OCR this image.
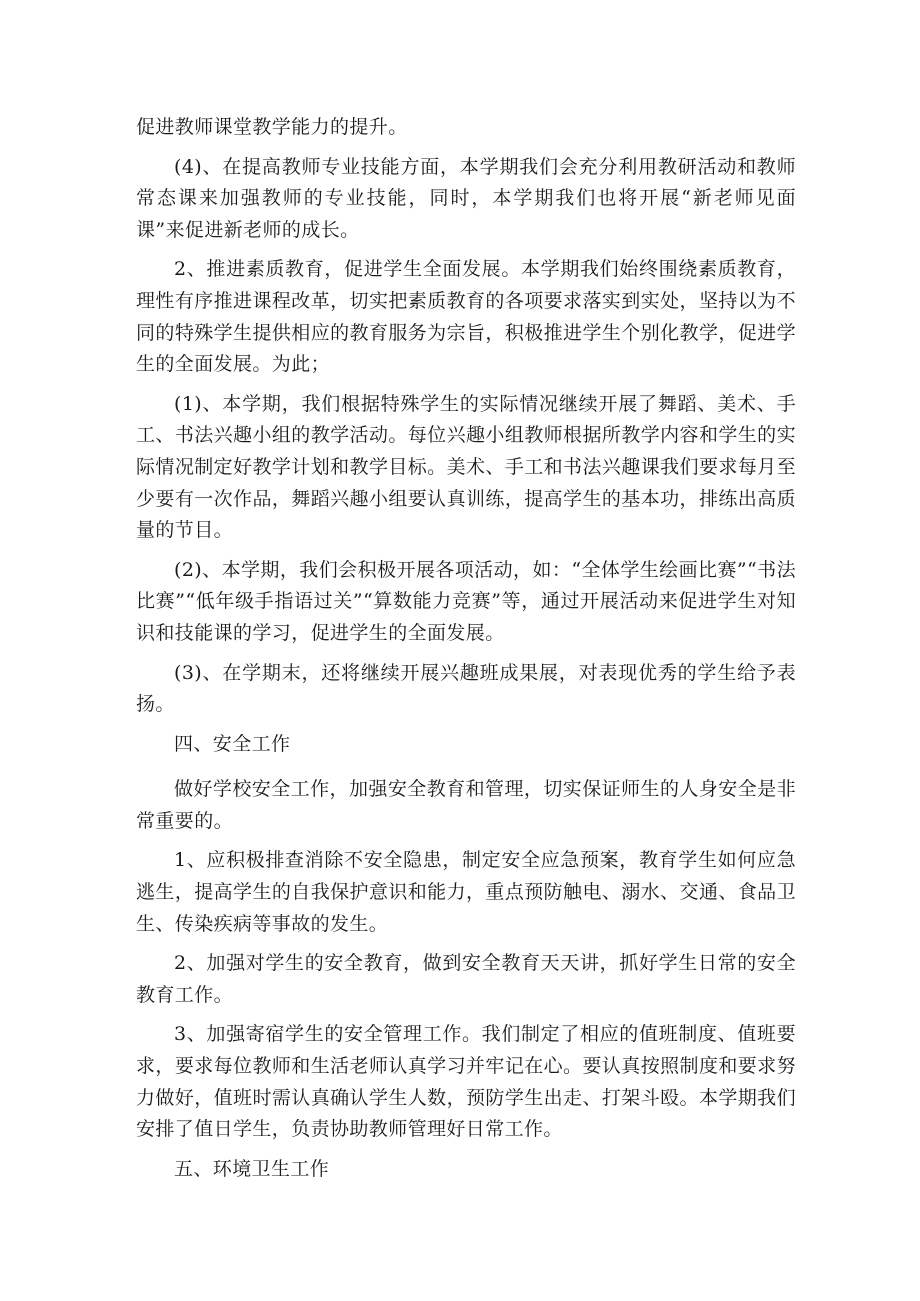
促进教师课堂教学能力的提升。

(4)、在提高教师专业技能方面，本学期我们会充分利用教研活动和教师常态课来加强教师的专业技能，同时，本学期我们也将开展“新老师见面课”来促进新老师的成长。

2、推进素质教育，促进学生全面发展。本学期我们始终围绕素质教育，理性有序推进课程改革，切实把素质教育的各项要求落实到实处，坚持以为不同的特殊学生提供相应的教育服务为宗旨，积极推进学生个别化教学，促进学生的全面发展。为此；

(1)、本学期，我们根据特殊学生的实际情况继续开展了舞蹈、美术、手工、书法兴趣小组的教学活动。每位兴趣小组教师根据所教学内容和学生的实际情况制定好教学计划和教学目标。美术、手工和书法兴趣课我们要求每月至少要有一次作品，舞蹈兴趣小组要认真训练，提高学生的基本功，排练出高质量的节目。

(2)、本学期，我们会积极开展各项活动，如：“全体学生绘画比赛”“书法比赛”“低年级手指语过关”“算数能力竞赛”等，通过开展活动来促进学生对知识和技能课的学习，促进学生的全面发展。

(3)、在学期末，还将继续开展兴趣班成果展，对表现优秀的学生给予表扬。

四、安全工作

做好学校安全工作，加强安全教育和管理，切实保证师生的人身安全是非常重要的。

1、应积极排查消除不安全隐患，制定安全应急预案，教育学生如何应急逃生，提高学生的自我保护意识和能力，重点预防触电、溺水、交通、食品卫生、传染疾病等事故的发生。

2、加强对学生的安全教育，做到安全教育天天讲，抓好学生日常的安全教育工作。

3、加强寄宿学生的安全管理工作。我们制定了相应的值班制度、值班要求，要求每位教师和生活老师认真学习并牢记在心。要认真按照制度和要求努力做好，值班时需认真确认学生人数，预防学生出走、打架斗殴。本学期我们安排了值日学生，负责协助教师管理好日常工作。

五、环境卫生工作
